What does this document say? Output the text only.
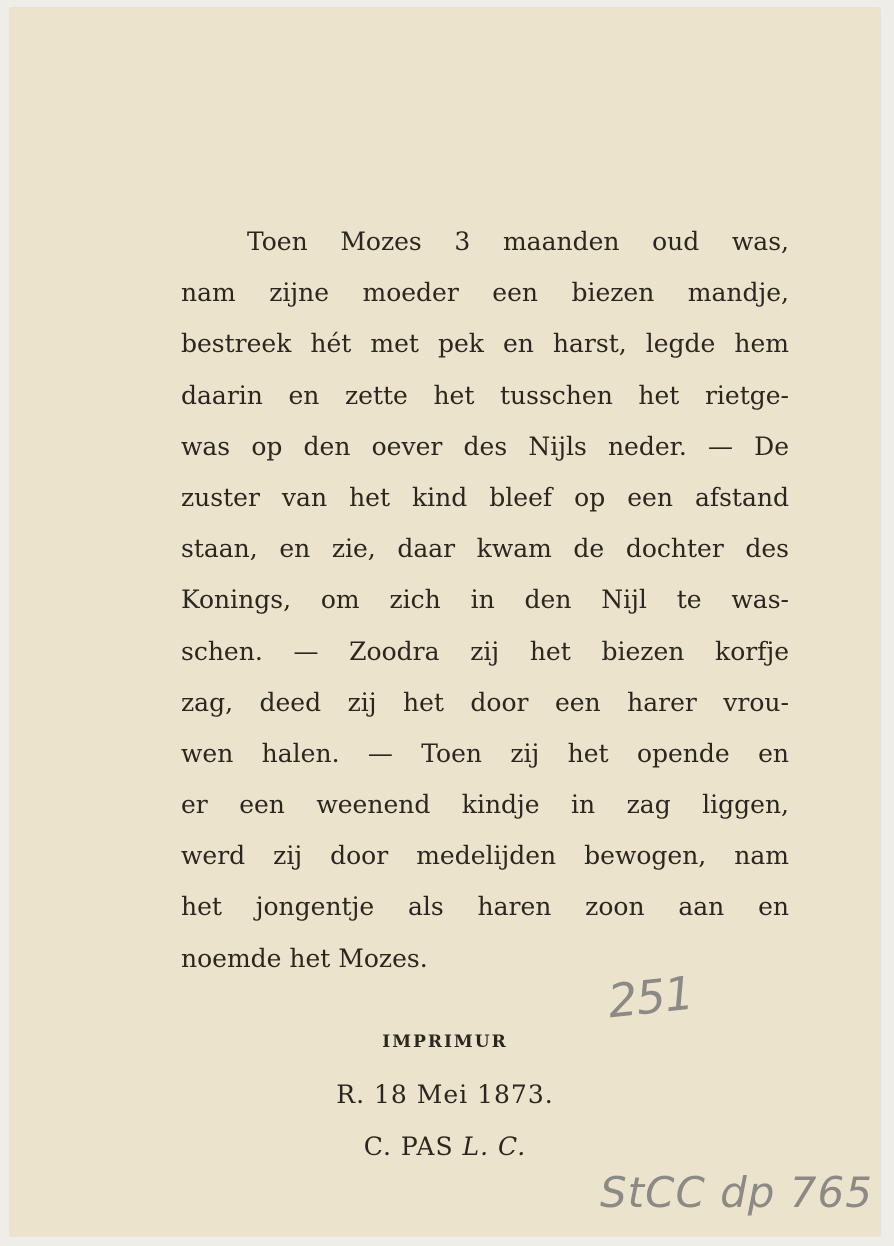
Toen Mozes 3 maanden oud was,
nam zijne moeder een biezen mandje,
bestreek hét met pek en harst, legde hem
daarin en zette het tusschen het rietge-
was op den oever des Nijls neder. — De
zuster van het kind bleef op een afstand
staan, en zie, daar kwam de dochter des
Konings, om zich in den Nijl te was-
schen. — Zoodra zij het biezen korfje
zag, deed zij het door een harer vrou-
wen halen. — Toen zij het opende en
er een weenend kindje in zag liggen,
werd zij door medelijden bewogen, nam
het jongentje als haren zoon aan en
noemde het Mozes.
IMPRIMUR
R. 18 Mei 1873.
C. PAS L. C.
251
StCC dp 765
